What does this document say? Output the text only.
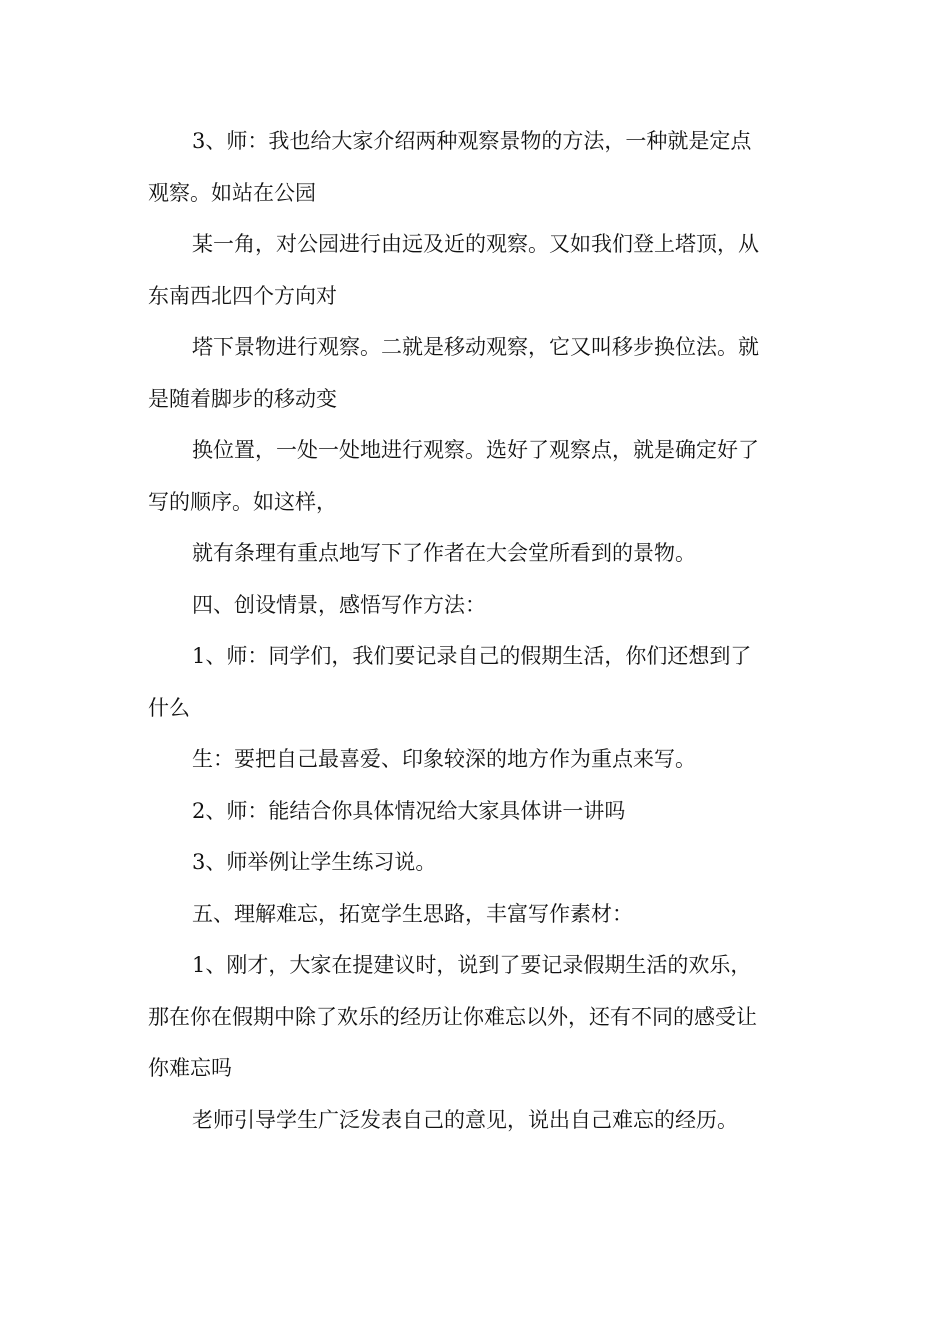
3、师：我也给大家介绍两种观察景物的方法，一种就是定点
观察。如站在公园

某一角，对公园进行由远及近的观察。又如我们登上塔顶，从
东南西北四个方向对

塔下景物进行观察。二就是移动观察，它又叫移步换位法。就
是随着脚步的移动变

换位置，一处一处地进行观察。选好了观察点，就是确定好了
写的顺序。如这样，

就有条理有重点地写下了作者在大会堂所看到的景物。

四、创设情景，感悟写作方法：

1、师：同学们，我们要记录自己的假期生活，你们还想到了
什么

生：要把自己最喜爱、印象较深的地方作为重点来写。

2、师：能结合你具体情况给大家具体讲一讲吗

3、师举例让学生练习说。

五、理解难忘，拓宽学生思路，丰富写作素材：

1、刚才，大家在提建议时，说到了要记录假期生活的欢乐，
那在你在假期中除了欢乐的经历让你难忘以外，还有不同的感受让
你难忘吗

老师引导学生广泛发表自己的意见，说出自己难忘的经历。
